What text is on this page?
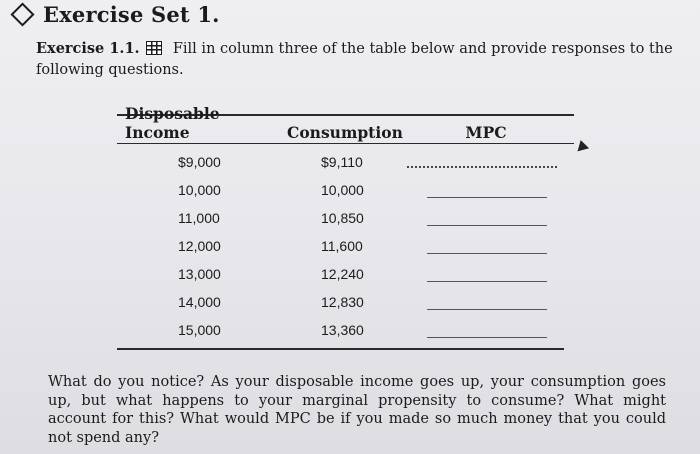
Exercise Set 1.
Exercise 1.1. Fill in column three of the table below and provide responses to the following questions.
Disposable Income	Consumption	MPC
$9,000	$9,110
10,000	10,000
11,000	10,850
12,000	11,600
13,000	12,240
14,000	12,830
15,000	13,360
What do you notice? As your disposable income goes up, your consumption goes up, but what happens to your marginal propensity to consume? What might account for this? What would MPC be if you made so much money that you could not spend any?
